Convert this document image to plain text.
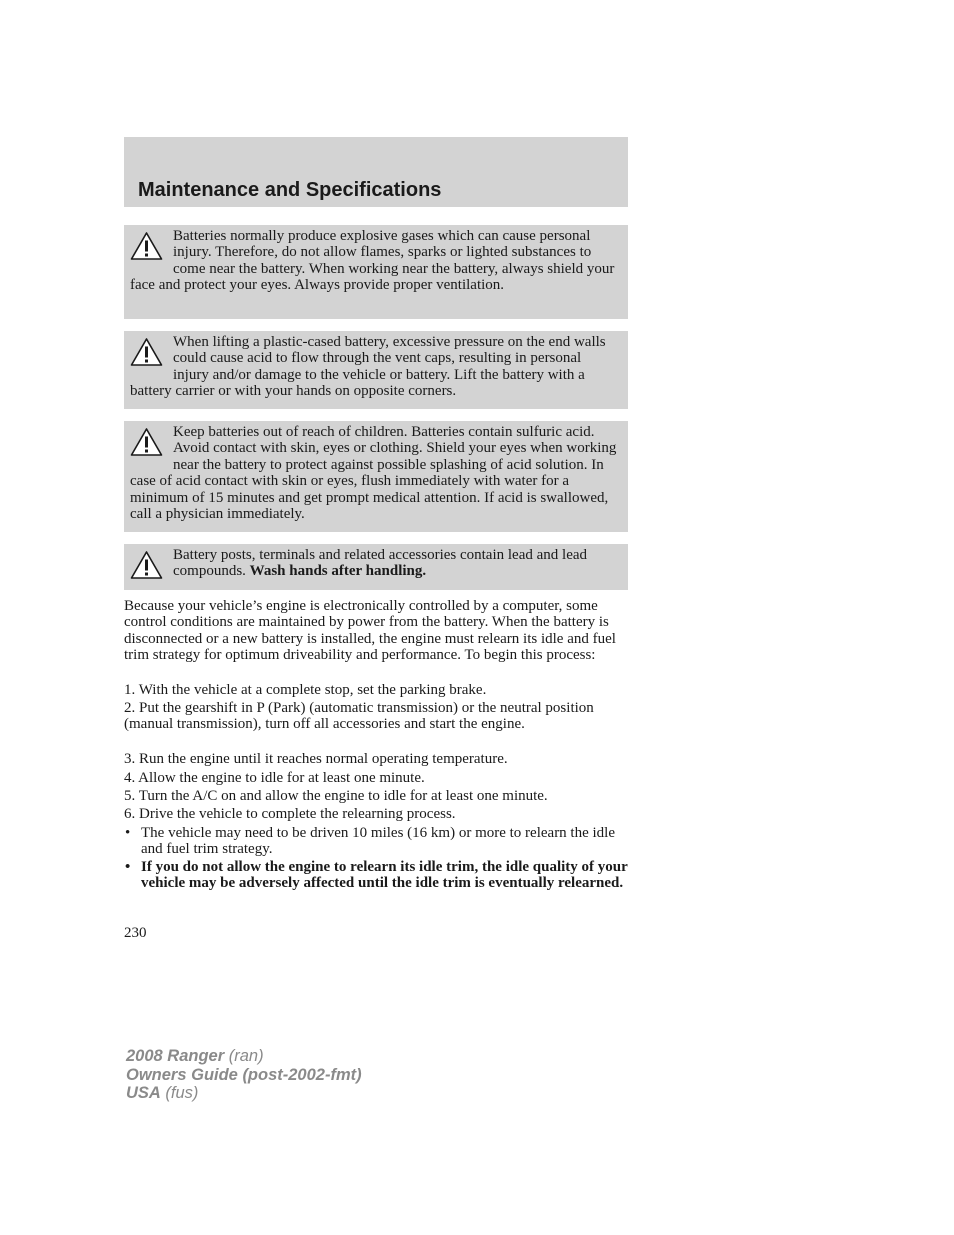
Maintenance and Specifications

Batteries normally produce explosive gases which can cause personal injury. Therefore, do not allow flames, sparks or lighted substances to come near the battery. When working near the battery, always shield your face and protect your eyes. Always provide proper ventilation.

When lifting a plastic-cased battery, excessive pressure on the end walls could cause acid to flow through the vent caps, resulting in personal injury and/or damage to the vehicle or battery. Lift the battery with a battery carrier or with your hands on opposite corners.

Keep batteries out of reach of children. Batteries contain sulfuric acid. Avoid contact with skin, eyes or clothing. Shield your eyes when working near the battery to protect against possible splashing of acid solution. In case of acid contact with skin or eyes, flush immediately with water for a minimum of 15 minutes and get prompt medical attention. If acid is swallowed, call a physician immediately.

Battery posts, terminals and related accessories contain lead and lead compounds. Wash hands after handling.

Because your vehicle’s engine is electronically controlled by a computer, some control conditions are maintained by power from the battery. When the battery is disconnected or a new battery is installed, the engine must relearn its idle and fuel trim strategy for optimum driveability and performance. To begin this process:

1. With the vehicle at a complete stop, set the parking brake.

2. Put the gearshift in P (Park) (automatic transmission) or the neutral position (manual transmission), turn off all accessories and start the engine.

3. Run the engine until it reaches normal operating temperature.

4. Allow the engine to idle for at least one minute.

5. Turn the A/C on and allow the engine to idle for at least one minute.

6. Drive the vehicle to complete the relearning process.

• The vehicle may need to be driven 10 miles (16 km) or more to relearn the idle and fuel trim strategy.
• If you do not allow the engine to relearn its idle trim, the idle quality of your vehicle may be adversely affected until the idle trim is eventually relearned.

230

2008 Ranger (ran)
Owners Guide (post-2002-fmt)
USA (fus)
